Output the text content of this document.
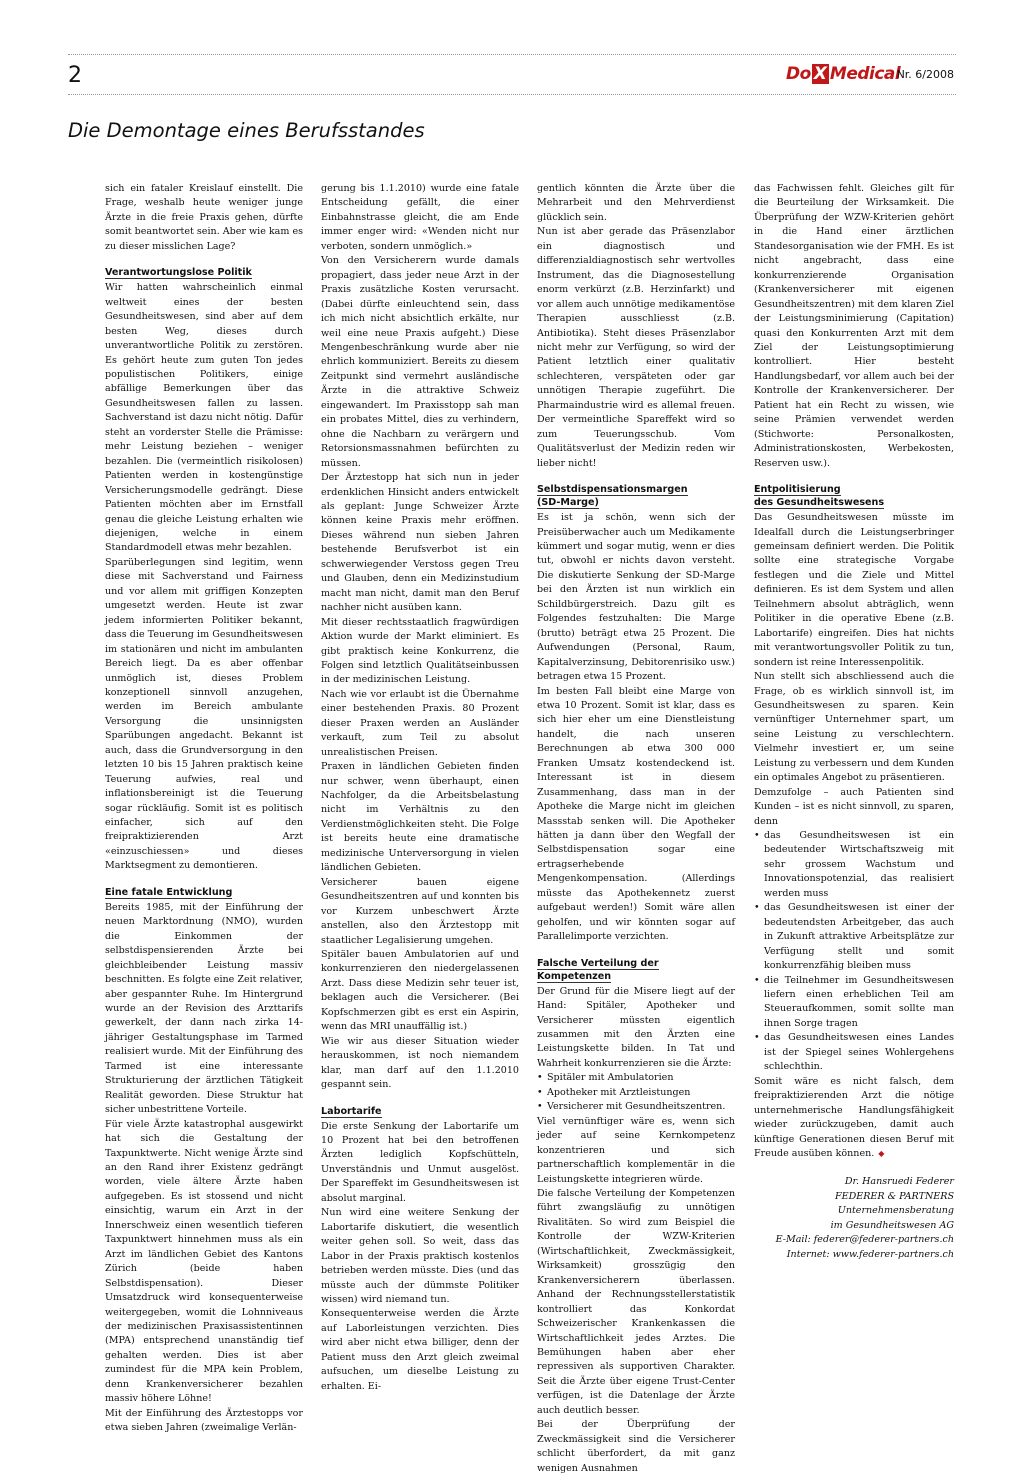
2	Do X Medical
Nr. 6/2008
Die Demontage eines Berufsstandes

sich ein fataler Kreislauf einstellt. Die Frage, weshalb heute weniger junge Ärzte in die freie Praxis gehen, dürfte somit beantwortet sein. Aber wie kam es zu dieser misslichen Lage?

Verantwortungslose Politik

Wir hatten wahrscheinlich einmal weltweit eines der besten Gesundheitswesen, sind aber auf dem besten Weg, dieses durch unverantwortliche Politik zu zerstören. Es gehört heute zum guten Ton jedes populistischen Politikers, einige abfällige Bemerkungen über das Gesundheitswesen fallen zu lassen. Sachverstand ist dazu nicht nötig. Dafür steht an vorderster Stelle die Prämisse: mehr Leistung beziehen – weniger bezahlen. Die (vermeintlich risikolosen) Patienten werden in kostengünstige Versicherungsmodelle gedrängt. Diese Patienten möchten aber im Ernstfall genau die gleiche Leistung erhalten wie diejenigen, welche in einem Standardmodell etwas mehr bezahlen.

Sparüberlegungen sind legitim, wenn diese mit Sachverstand und Fairness und vor allem mit griffigen Konzepten umgesetzt werden. Heute ist zwar jedem informierten Politiker bekannt, dass die Teuerung im Gesundheitswesen im stationären und nicht im ambulanten Bereich liegt. Da es aber offenbar unmöglich ist, dieses Problem konzeptionell sinnvoll anzugehen, werden im Bereich ambulante Versorgung die unsinnigsten Sparübungen angedacht. Bekannt ist auch, dass die Grundversorgung in den letzten 10 bis 15 Jahren praktisch keine Teuerung aufwies, real und inflationsbereinigt ist die Teuerung sogar rückläufig. Somit ist es politisch einfacher, sich auf den freipraktizierenden Arzt «einzuschiessen» und dieses Marktsegment zu demontieren.

Eine fatale Entwicklung

Bereits 1985, mit der Einführung der neuen Marktordnung (NMO), wurden die Einkommen der selbstdispensierenden Ärzte bei gleichbleibender Leistung massiv beschnitten. Es folgte eine Zeit relativer, aber gespannter Ruhe. Im Hintergrund wurde an der Revision des Arzttarifs gewerkelt, der dann nach zirka 14-jähriger Gestaltungsphase im Tarmed realisiert wurde. Mit der Einführung des Tarmed ist eine interessante Strukturierung der ärztlichen Tätigkeit Realität geworden. Diese Struktur hat sicher unbestrittene Vorteile.

Für viele Ärzte katastrophal ausgewirkt hat sich die Gestaltung der Taxpunktwerte. Nicht wenige Ärzte sind an den Rand ihrer Existenz gedrängt worden, viele ältere Ärzte haben aufgegeben. Es ist stossend und nicht einsichtig, warum ein Arzt in der Innerschweiz einen wesentlich tieferen Taxpunktwert hinnehmen muss als ein Arzt im ländlichen Gebiet des Kantons Zürich (beide haben Selbstdispensation). Dieser Umsatzdruck wird konsequenterweise weitergegeben, womit die Lohnniveaus der medizinischen Praxisassistentinnen (MPA) entsprechend unanständig tief gehalten werden. Dies ist aber zumindest für die MPA kein Problem, denn Krankenversicherer bezahlen massiv höhere Löhne!

Mit der Einführung des Ärztestopps vor etwa sieben Jahren (zweimalige Verlän-

gerung bis 1.1.2010) wurde eine fatale Entscheidung gefällt, die einer Einbahnstrasse gleicht, die am Ende immer enger wird: «Wenden nicht nur verboten, sondern unmöglich.»

Von den Versicherern wurde damals propagiert, dass jeder neue Arzt in der Praxis zusätzliche Kosten verursacht. (Dabei dürfte einleuchtend sein, dass ich mich nicht absichtlich erkälte, nur weil eine neue Praxis aufgeht.) Diese Mengenbeschränkung wurde aber nie ehrlich kommuniziert. Bereits zu diesem Zeitpunkt sind vermehrt ausländische Ärzte in die attraktive Schweiz eingewandert. Im Praxisstopp sah man ein probates Mittel, dies zu verhindern, ohne die Nachbarn zu verärgern und Retorsionsmassnahmen befürchten zu müssen.

Der Ärztestopp hat sich nun in jeder erdenklichen Hinsicht anders entwickelt als geplant: Junge Schweizer Ärzte können keine Praxis mehr eröffnen. Dieses während nun sieben Jahren bestehende Berufsverbot ist ein schwerwiegender Verstoss gegen Treu und Glauben, denn ein Medizinstudium macht man nicht, damit man den Beruf nachher nicht ausüben kann.

Mit dieser rechtsstaatlich fragwürdigen Aktion wurde der Markt eliminiert. Es gibt praktisch keine Konkurrenz, die Folgen sind letztlich Qualitätseinbussen in der medizinischen Leistung.

Nach wie vor erlaubt ist die Übernahme einer bestehenden Praxis. 80 Prozent dieser Praxen werden an Ausländer verkauft, zum Teil zu absolut unrealistischen Preisen.

Praxen in ländlichen Gebieten finden nur schwer, wenn überhaupt, einen Nachfolger, da die Arbeitsbelastung nicht im Verhältnis zu den Verdienstmöglichkeiten steht. Die Folge ist bereits heute eine dramatische medizinische Unterversorgung in vielen ländlichen Gebieten.

Versicherer bauen eigene Gesundheitszentren auf und konnten bis vor Kurzem unbeschwert Ärzte anstellen, also den Ärztestopp mit staatlicher Legalisierung umgehen.

Spitäler bauen Ambulatorien auf und konkurrenzieren den niedergelassenen Arzt. Dass diese Medizin sehr teuer ist, beklagen auch die Versicherer. (Bei Kopfschmerzen gibt es erst ein Aspirin, wenn das MRI unauffällig ist.)

Wie wir aus dieser Situation wieder herauskommen, ist noch niemandem klar, man darf auf den 1.1.2010 gespannt sein.

Labortarife

Die erste Senkung der Labortarife um 10 Prozent hat bei den betroffenen Ärzten lediglich Kopfschütteln, Unverständnis und Unmut ausgelöst. Der Spareffekt im Gesundheitswesen ist absolut marginal.

Nun wird eine weitere Senkung der Labortarife diskutiert, die wesentlich weiter gehen soll. So weit, dass das Labor in der Praxis praktisch kostenlos betrieben werden müsste. Dies (und das müsste auch der dümmste Politiker wissen) wird niemand tun.

Konsequenterweise werden die Ärzte auf Laborleistungen verzichten. Dies wird aber nicht etwa billiger, denn der Patient muss den Arzt gleich zweimal aufsuchen, um dieselbe Leistung zu erhalten. Ei-

gentlich könnten die Ärzte über die Mehrarbeit und den Mehrverdienst glücklich sein.

Nun ist aber gerade das Präsenzlabor ein diagnostisch und differenzialdiagnostisch sehr wertvolles Instrument, das die Diagnosestellung enorm verkürzt (z.B. Herzinfarkt) und vor allem auch unnötige medikamentöse Therapien ausschliesst (z.B. Antibiotika). Steht dieses Präsenzlabor nicht mehr zur Verfügung, so wird der Patient letztlich einer qualitativ schlechteren, verspäteten oder gar unnötigen Therapie zugeführt. Die Pharmaindustrie wird es allemal freuen. Der vermeintliche Spareffekt wird so zum Teuerungsschub. Vom Qualitätsverlust der Medizin reden wir lieber nicht!

Selbstdispensationsmargen
(SD-Marge)

Es ist ja schön, wenn sich der Preisüberwacher auch um Medikamente kümmert und sogar mutig, wenn er dies tut, obwohl er nichts davon versteht. Die diskutierte Senkung der SD-Marge bei den Ärzten ist nun wirklich ein Schildbürgerstreich. Dazu gilt es Folgendes festzuhalten: Die Marge (brutto) beträgt etwa 25 Prozent. Die Aufwendungen (Personal, Raum, Kapitalverzinsung, Debitorenrisiko usw.) betragen etwa 15 Prozent.

Im besten Fall bleibt eine Marge von etwa 10 Prozent. Somit ist klar, dass es sich hier eher um eine Dienstleistung handelt, die nach unseren Berechnungen ab etwa 300 000 Franken Umsatz kostendeckend ist. Interessant ist in diesem Zusammenhang, dass man in der Apotheke die Marge nicht im gleichen Massstab senken will. Die Apotheker hätten ja dann über den Wegfall der Selbstdispensation sogar eine ertragserhebende Mengenkompensation. (Allerdings müsste das Apothekennetz zuerst aufgebaut werden!) Somit wäre allen geholfen, und wir könnten sogar auf Parallelimporte verzichten.

Falsche Verteilung der Kompetenzen

Der Grund für die Misere liegt auf der Hand: Spitäler, Apotheker und Versicherer müssten eigentlich zusammen mit den Ärzten eine Leistungskette bilden. In Tat und Wahrheit konkurrenzieren sie die Ärzte:

• Spitäler mit Ambulatorien
• Apotheker mit Arztleistungen
• Versicherer mit Gesundheitszentren.

Viel vernünftiger wäre es, wenn sich jeder auf seine Kernkompetenz konzentrieren und sich partnerschaftlich komplementär in die Leistungskette integrieren würde.

Die falsche Verteilung der Kompetenzen führt zwangsläufig zu unnötigen Rivalitäten. So wird zum Beispiel die Kontrolle der WZW-Kriterien (Wirtschaftlichkeit, Zweckmässigkeit, Wirksamkeit) grosszügig den Krankenversicherern überlassen. Anhand der Rechnungsstellerstatistik kontrolliert das Konkordat Schweizerischer Krankenkassen die Wirtschaftlichkeit jedes Arztes. Die Bemühungen haben aber eher repressiven als supportiven Charakter. Seit die Ärzte über eigene Trust-Center verfügen, ist die Datenlage der Ärzte auch deutlich besser.

Bei der Überprüfung der Zweckmässigkeit sind die Versicherer schlicht überfordert, da mit ganz wenigen Ausnahmen

das Fachwissen fehlt. Gleiches gilt für die Beurteilung der Wirksamkeit. Die Überprüfung der WZW-Kriterien gehört in die Hand einer ärztlichen Standesorganisation wie der FMH. Es ist nicht angebracht, dass eine konkurrenzierende Organisation (Krankenversicherer mit eigenen Gesundheitszentren) mit dem klaren Ziel der Leistungsminimierung (Capitation) quasi den Konkurrenten Arzt mit dem Ziel der Leistungsoptimierung kontrolliert. Hier besteht Handlungsbedarf, vor allem auch bei der Kontrolle der Krankenversicherer. Der Patient hat ein Recht zu wissen, wie seine Prämien verwendet werden (Stichworte: Personalkosten, Administrationskosten, Werbekosten, Reserven usw.).

Entpolitisierung
des Gesundheitswesens

Das Gesundheitswesen müsste im Idealfall durch die Leistungserbringer gemeinsam definiert werden. Die Politik sollte eine strategische Vorgabe festlegen und die Ziele und Mittel definieren. Es ist dem System und allen Teilnehmern absolut abträglich, wenn Politiker in die operative Ebene (z.B. Labortarife) eingreifen. Dies hat nichts mit verantwortungsvoller Politik zu tun, sondern ist reine Interessenpolitik.

Nun stellt sich abschliessend auch die Frage, ob es wirklich sinnvoll ist, im Gesundheitswesen zu sparen. Kein vernünftiger Unternehmer spart, um seine Leistung zu verschlechtern. Vielmehr investiert er, um seine Leistung zu verbessern und dem Kunden ein optimales Angebot zu präsentieren.

Demzufolge – auch Patienten sind Kunden – ist es nicht sinnvoll, zu sparen, denn

• das Gesundheitswesen ist ein bedeutender Wirtschaftszweig mit sehr grossem Wachstum und Innovationspotenzial, das realisiert werden muss
• das Gesundheitswesen ist einer der bedeutendsten Arbeitgeber, das auch in Zukunft attraktive Arbeitsplätze zur Verfügung stellt und somit konkurrenzfähig bleiben muss
• die Teilnehmer im Gesundheitswesen liefern einen erheblichen Teil am Steueraufkommen, somit sollte man ihnen Sorge tragen
• das Gesundheitswesen eines Landes ist der Spiegel seines Wohlergehens schlechthin.

Somit wäre es nicht falsch, dem freipraktizierenden Arzt die nötige unternehmerische Handlungsfähigkeit wieder zurückzugeben, damit auch künftige Generationen diesen Beruf mit Freude ausüben können. ◆

Dr. Hansruedi Federer
FEDERER & PARTNERS
Unternehmensberatung
im Gesundheitswesen AG
E-Mail: federer@federer-partners.ch
Internet: www.federer-partners.ch
